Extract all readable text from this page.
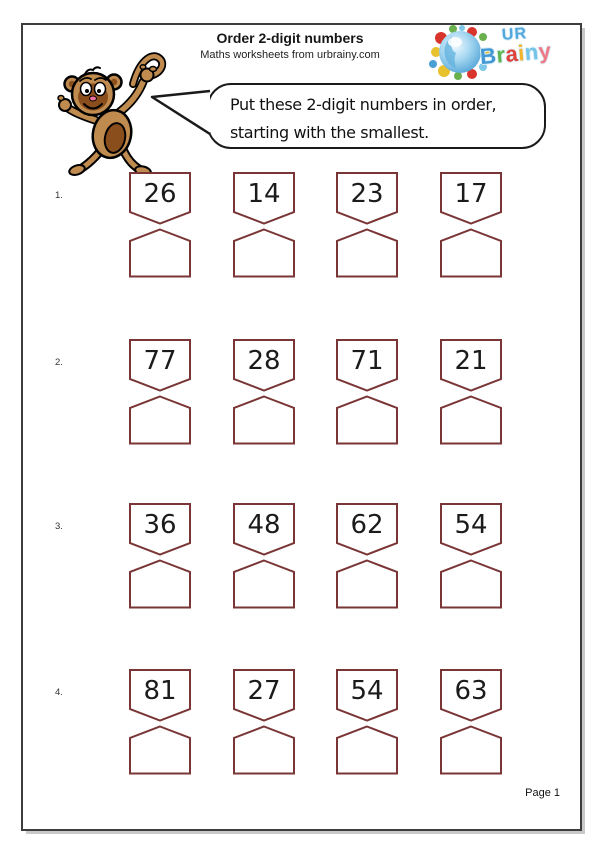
Order 2-digit numbers
Maths worksheets from urbrainy.com
UR
Brainy
Put these 2-digit numbers in order,
starting with the smallest.
1.	26	14	23	17
2.	77	28	71	21
3.	36	48	62	54
4.	81	27	54	63
Page 1
